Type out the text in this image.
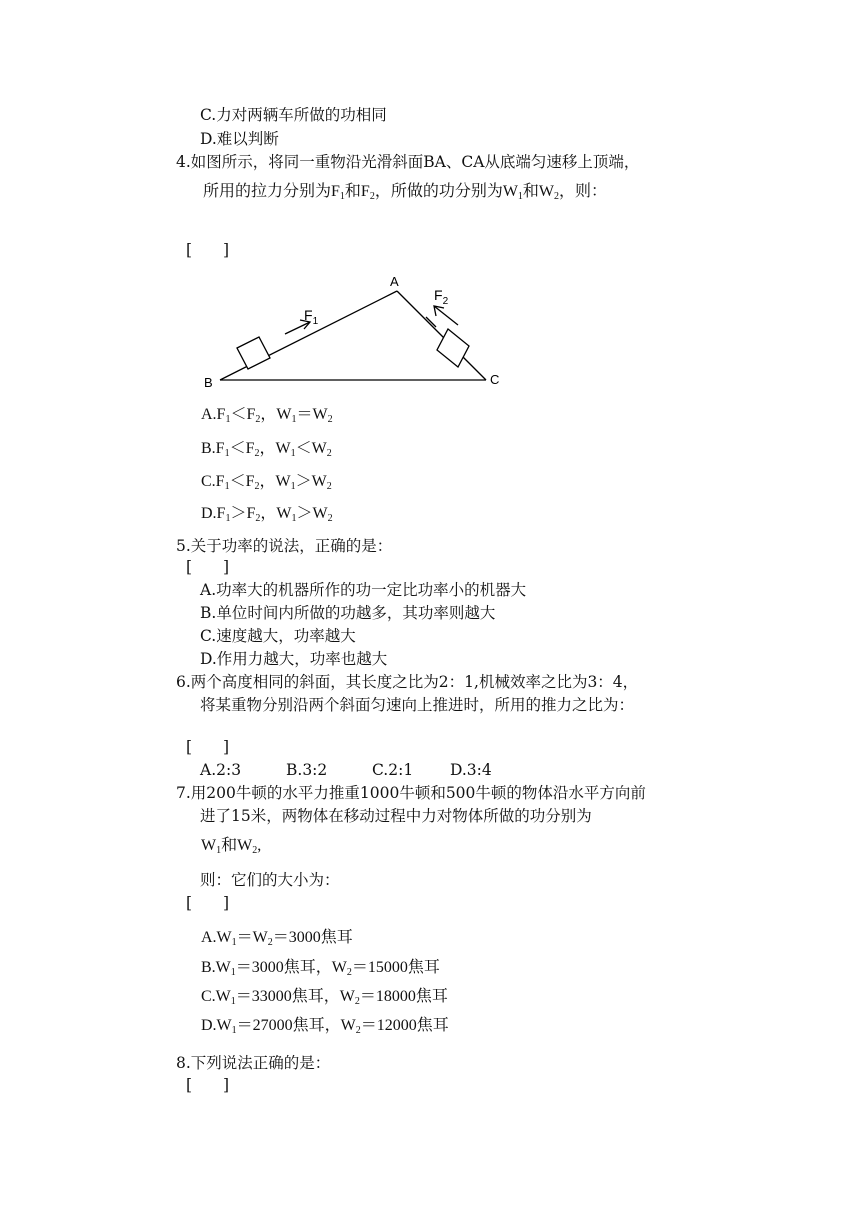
C.力对两辆车所做的功相同
D.难以判断
4.如图所示，将同一重物沿光滑斜面BA、CA从底端匀速移上顶端，
所用的拉力分别为$F_1$和$F_2$，所做的功分别为$W_1$和$W_2$，则：
[　　]
A
B	C
$F_1$
$F_2$
$A.F_1<F_2$，$W_1=W_2$
$B.F_1<F_2$，$W_1<W_2$
$C.F_1<F_2$，$W_1>W_2$
$D.F_1>F_2$，$W_1>W_2$
5.关于功率的说法，正确的是：
[　　]
A.功率大的机器所作的功一定比功率小的机器大
B.单位时间内所做的功越多，其功率则越大
C.速度越大，功率越大
D.作用力越大，功率也越大
6.两个高度相同的斜面，其长度之比为2：1,机械效率之比为3：4，
将某重物分别沿两个斜面匀速向上推进时，所用的推力之比为：
[　　]
A.2:3	B.3:2	C.2:1 D.3:4
7.用200牛顿的水平力推重1000牛顿和500牛顿的物体沿水平方向前
进了15米，两物体在移动过程中力对物体所做的功分别为
$W_1$和$W_2$,
则：它们的大小为：
[　　]
$A.W_1=W_2=3000$焦耳
$B.W_1=3000$焦耳，$W_2=15000$焦耳
$C.W_1=33000$焦耳，$W_2=18000$焦耳
$D.W_1=27000$焦耳，$W_2=12000$焦耳
8.下列说法正确的是：
[　　]
